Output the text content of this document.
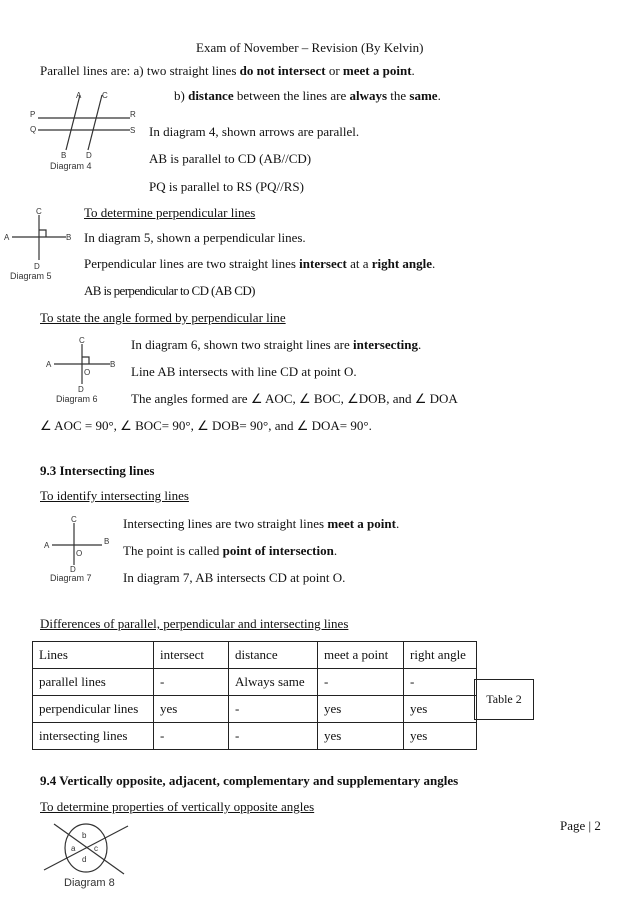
Exam of November – Revision (By Kelvin)
Parallel lines are: a) two straight lines do not intersect or meet a point.
b) distance between the lines are always the same.
A	C
P	R
Q	S
B D
Diagram 4
In diagram 4, shown arrows are parallel.
AB is parallel to CD (AB//CD)
PQ is parallel to RS (PQ//RS)
To determine perpendicular lines
In diagram 5, shown a perpendicular lines.
Perpendicular lines are two straight lines intersect at a right angle.
AB is perpendicular to CD (AB CD)
C
A	B
D
Diagram 5
To state the angle formed by perpendicular line
In diagram 6, shown two straight lines are intersecting.
Line AB intersects with line CD at point O.
The angles formed are ∠ AOC, ∠ BOC, ∠DOB, and ∠ DOA
∠ AOC = 90°, ∠ BOC= 90°, ∠ DOB= 90°, and ∠ DOA= 90°.
C
A	B
O
D
Diagram 6
9.3 Intersecting lines
To identify intersecting lines
Intersecting lines are two straight lines meet a point.
The point is called point of intersection.
In diagram 7, AB intersects CD at point O.
C
A	B
O
D
Diagram 7
Differences of parallel, perpendicular and intersecting lines
Lines	intersect	distance	meet a point	right angle
parallel lines	-	Always same	-	-
perpendicular lines	yes	-	yes	yes
intersecting lines	-	-	yes	yes
Table 2
9.4 Vertically opposite, adjacent, complementary and supplementary angles
To determine properties of vertically opposite angles
Page | 2
b
a c
d
Diagram 8
